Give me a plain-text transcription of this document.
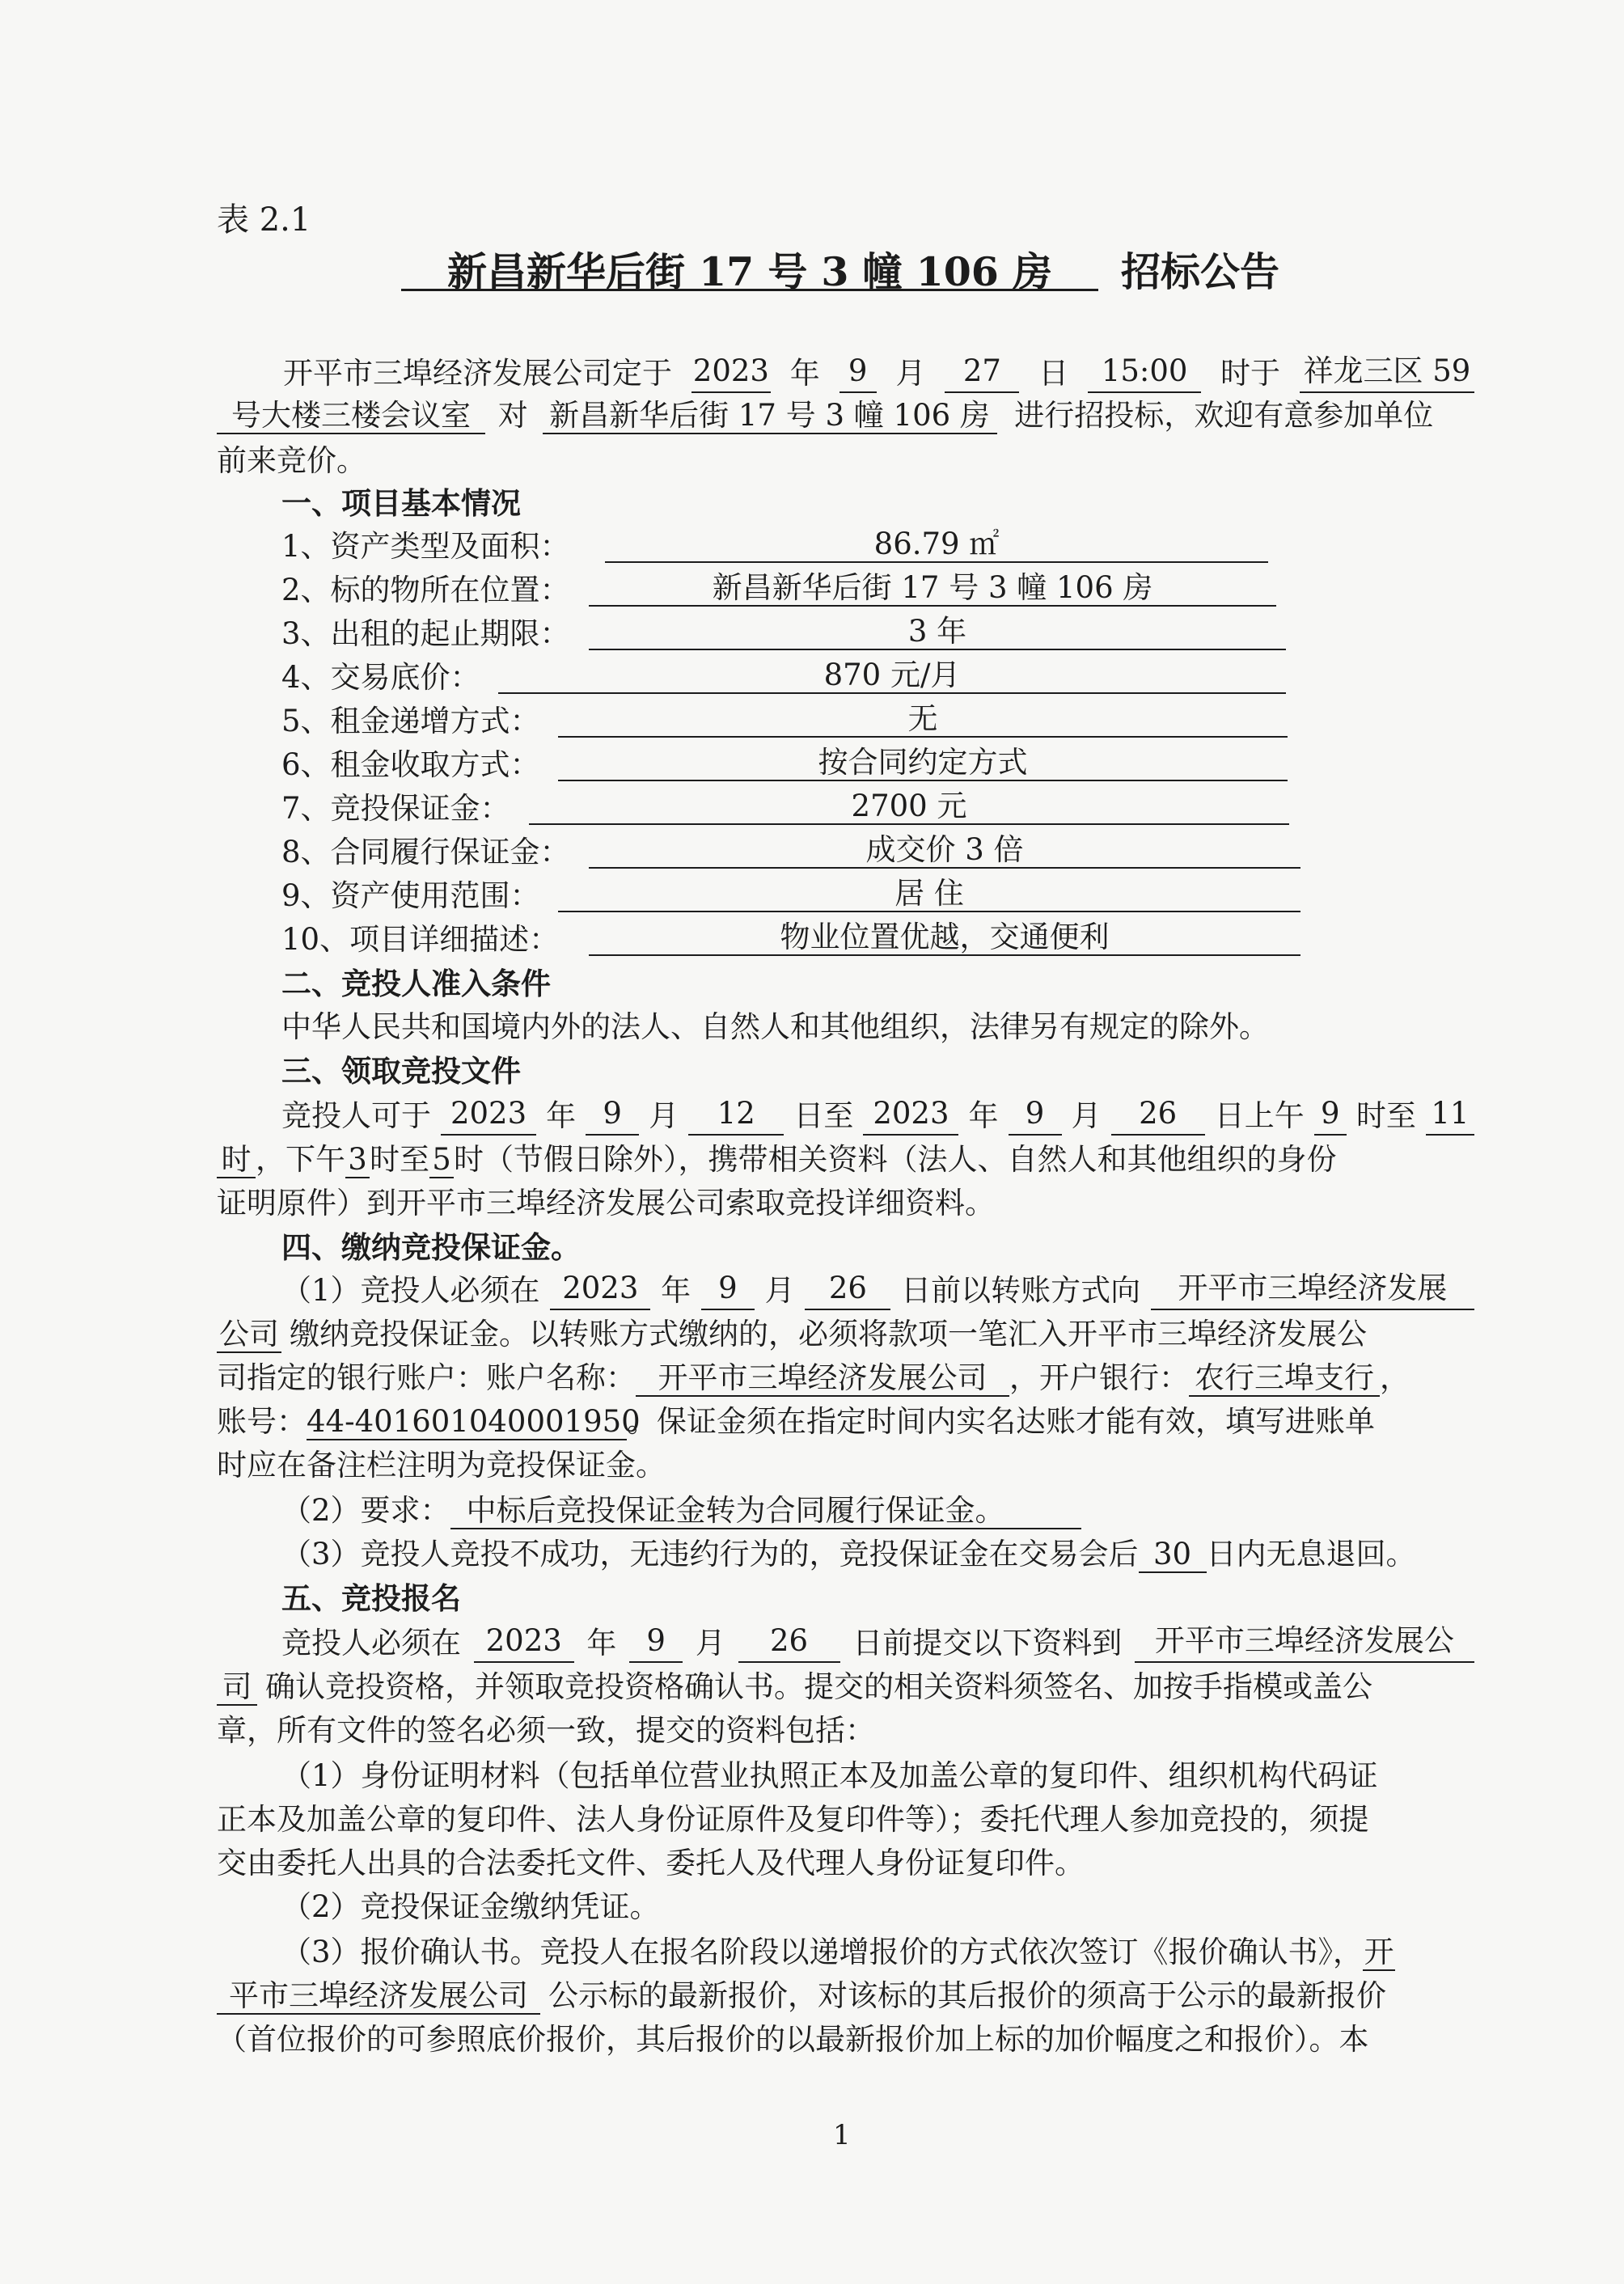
表 2.1
新昌新华后街 17 号 3 幢 106 房 招标公告
开平市三埠经济发展公司定于 2023 年 9 月	27	日	15:00	时于 祥龙三区 59
号大楼三楼会议室 对 新昌新华后街 17 号 3 幢 106 房 进行招投标，欢迎有意参加单位
前来竞价。
一、项目基本情况
1、资产类型及面积：	86.79 ㎡
2、标的物所在位置：	新昌新华后街 17 号 3 幢 106 房
3、出租的起止期限：	3 年
4、交易底价：	870 元/月
5、租金递增方式：	无
6、租金收取方式：	按合同约定方式
7、竞投保证金：	2700 元
8、合同履行保证金：	成交价 3 倍
9、资产使用范围：	居 住
10、项目详细描述：	物业位置优越，交通便利
二、竞投人准入条件
中华人民共和国境内外的法人、自然人和其他组织，法律另有规定的除外。
三、领取竞投文件
竞投人可于 2023 年 9 月	12	日至 2023 年 9 月	26	日上午 9 时至 11
时 ，下午3时至5时（节假日除外），携带相关资料（法人、自然人和其他组织的身份
证明原件）到开平市三埠经济发展公司索取竞投详细资料。
四、缴纳竞投保证金。
（1）竞投人必须在 2023 年 9 月	26	日前以转账方式向	开平市三埠经济发展
公司 缴纳竞投保证金。以转账方式缴纳的，必须将款项一笔汇入开平市三埠经济发展公
司指定的银行账户：账户名称： 开平市三埠经济发展公司 ，开户银行： 农行三埠支行 ，
账号：44-401601040001950。保证金须在指定时间内实名达账才能有效，填写进账单
时应在备注栏注明为竞投保证金。
（2）要求： 中标后竞投保证金转为合同履行保证金。
（3）竞投人竞投不成功，无违约行为的，竞投保证金在交易会后 30 日内无息退回。
五、竞投报名
竞投人必须在 2023 年 9 月	26	日前提交以下资料到	开平市三埠经济发展公
司 确认竞投资格，并领取竞投资格确认书。提交的相关资料须签名、加按手指模或盖公
章，所有文件的签名必须一致，提交的资料包括：
（1）身份证明材料（包括单位营业执照正本及加盖公章的复印件、组织机构代码证
正本及加盖公章的复印件、法人身份证原件及复印件等）；委托代理人参加竞投的，须提
交由委托人出具的合法委托文件、委托人及代理人身份证复印件。
（2）竞投保证金缴纳凭证。
（3）报价确认书。竞投人在报名阶段以递增报价的方式依次签订《报价确认书》，开
平市三埠经济发展公司 公示标的最新报价，对该标的其后报价的须高于公示的最新报价
（首位报价的可参照底价报价，其后报价的以最新报价加上标的加价幅度之和报价）。本
1
